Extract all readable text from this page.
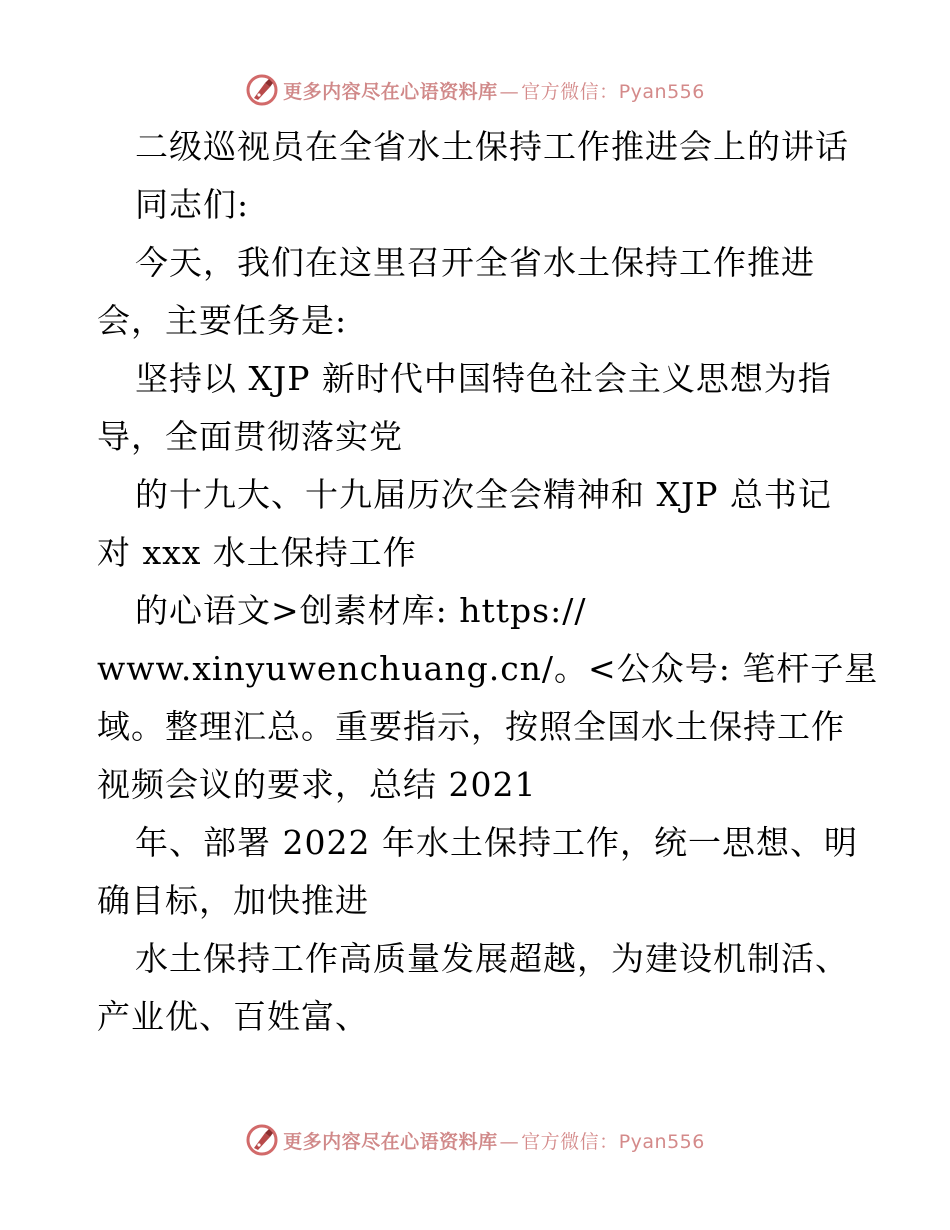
更多内容尽在心语资料库 — 官方微信：Pyan556
二级巡视员在全省水土保持工作推进会上的讲话
同志们:
今天，我们在这里召开全省水土保持工作推进
会，主要任务是:
坚持以 XJP 新时代中国特色社会主义思想为指
导，全面贯彻落实党
的十九大、十九届历次全会精神和 XJP 总书记
对 xxx 水土保持工作
的心语文>创素材库: https://
www.xinyuwenchuang.cn/。<公众号: 笔杆子星
域。整理汇总。重要指示，按照全国水土保持工作
视频会议的要求，总结 2021
年、部署 2022 年水土保持工作，统一思想、明
确目标，加快推进
水土保持工作高质量发展超越，为建设机制活、
产业优、百姓富、
更多内容尽在心语资料库 — 官方微信：Pyan556
